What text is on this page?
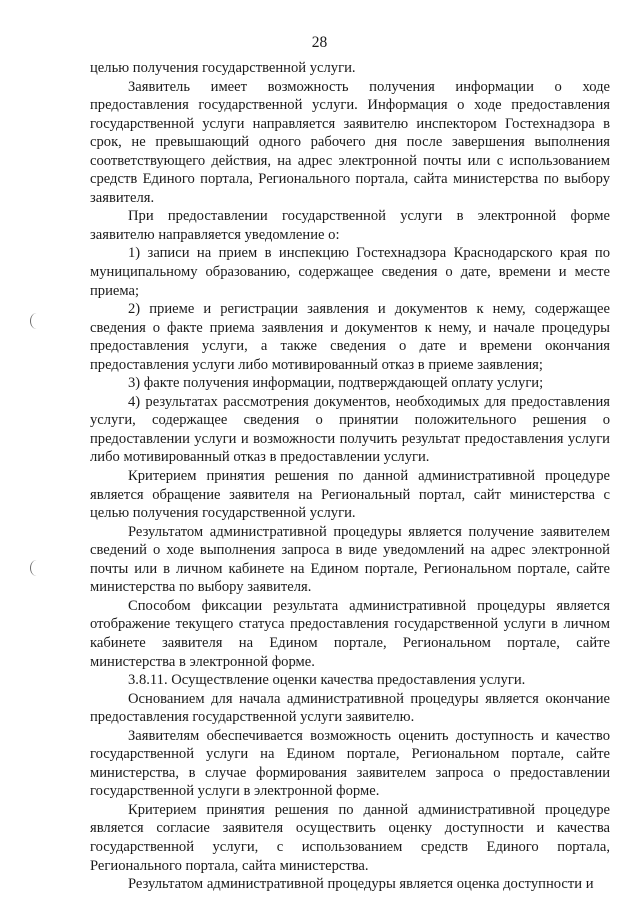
28

целью получения государственной услуги.

Заявитель имеет возможность получения информации о ходе предоставления государственной услуги. Информация о ходе предоставления государственной услуги направляется заявителю инспектором Гостехнадзора в срок, не превышающий одного рабочего дня после завершения выполнения соответствующего действия, на адрес электронной почты или с использованием средств Единого портала, Регионального портала, сайта министерства по выбору заявителя.

При предоставлении государственной услуги в электронной форме заявителю направляется уведомление о:

1) записи на прием в инспекцию Гостехнадзора Краснодарского края по муниципальному образованию, содержащее сведения о дате, времени и месте приема;

2) приеме и регистрации заявления и документов к нему, содержащее сведения о факте приема заявления и документов к нему, и начале процедуры предоставления услуги, а также сведения о дате и времени окончания предоставления услуги либо мотивированный отказ в приеме заявления;

3) факте получения информации, подтверждающей оплату услуги;

4) результатах рассмотрения документов, необходимых для предоставления услуги, содержащее сведения о принятии положительного решения о предоставлении услуги и возможности получить результат предоставления услуги либо мотивированный отказ в предоставлении услуги.

Критерием принятия решения по данной административной процедуре является обращение заявителя на Региональный портал, сайт министерства с целью получения государственной услуги.

Результатом административной процедуры является получение заявителем сведений о ходе выполнения запроса в виде уведомлений на адрес электронной почты или в личном кабинете на Едином портале, Региональном портале, сайте министерства по выбору заявителя.

Способом фиксации результата административной процедуры является отображение текущего статуса предоставления государственной услуги в личном кабинете заявителя на Едином портале, Региональном портале, сайте министерства в электронной форме.

3.8.11. Осуществление оценки качества предоставления услуги.

Основанием для начала административной процедуры является окончание предоставления государственной услуги заявителю.

Заявителям обеспечивается возможность оценить доступность и качество государственной услуги на Едином портале, Региональном портале, сайте министерства, в случае формирования заявителем запроса о предоставлении государственной услуги в электронной форме.

Критерием принятия решения по данной административной процедуре является согласие заявителя осуществить оценку доступности и качества государственной услуги, с использованием средств Единого портала, Регионального портала, сайта министерства.

Результатом административной процедуры является оценка доступности и
